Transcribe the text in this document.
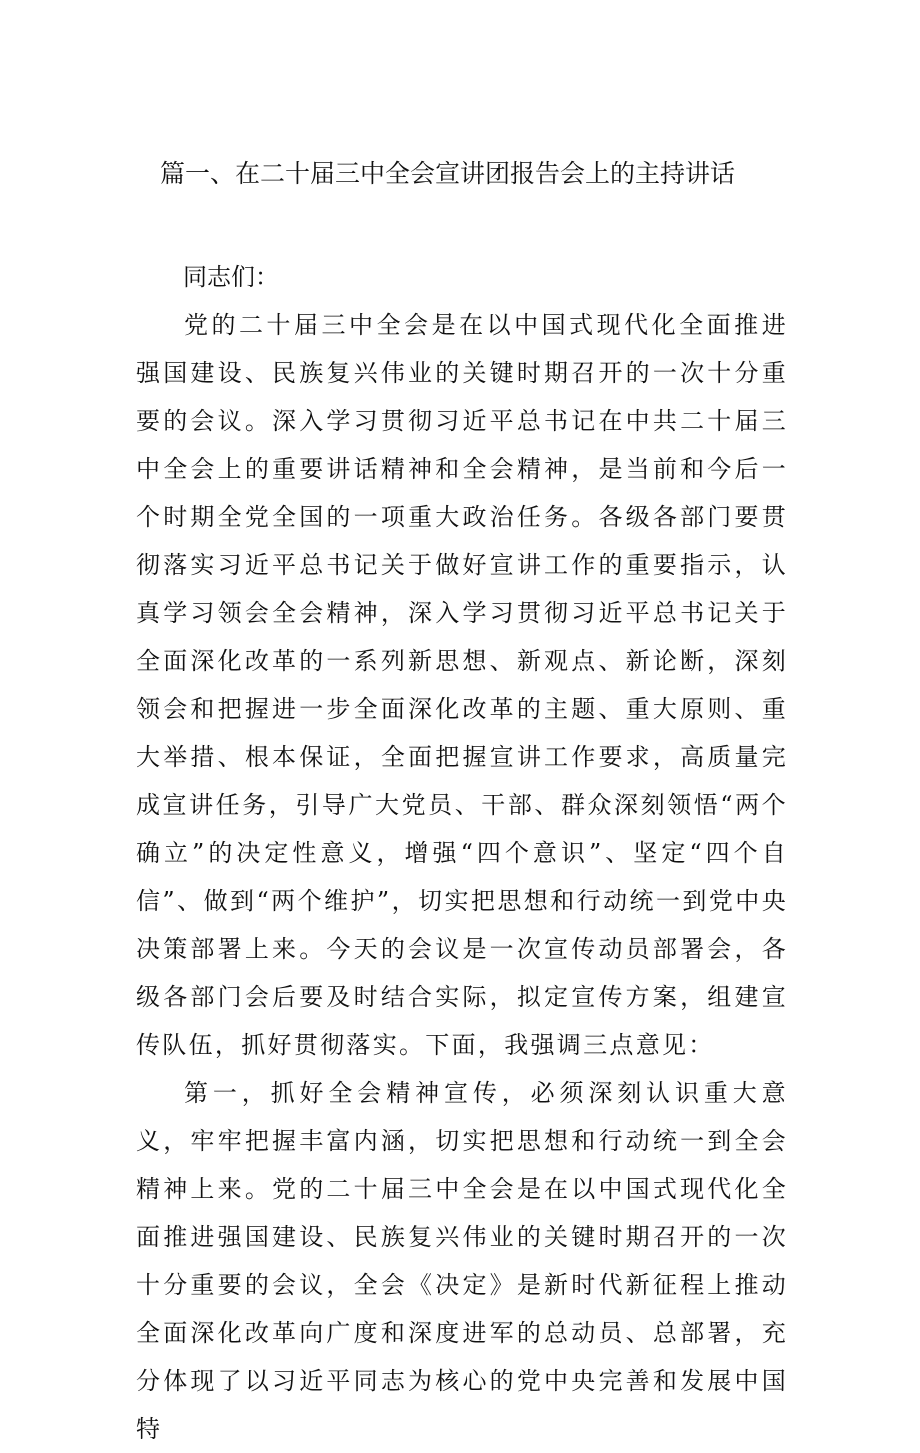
篇一、在二十届三中全会宣讲团报告会上的主持讲话
同志们：

党的二十届三中全会是在以中国式现代化全面推进强国建设、民族复兴伟业的关键时期召开的一次十分重要的会议。深入学习贯彻习近平总书记在中共二十届三中全会上的重要讲话精神和全会精神，是当前和今后一个时期全党全国的一项重大政治任务。各级各部门要贯彻落实习近平总书记关于做好宣讲工作的重要指示，认真学习领会全会精神，深入学习贯彻习近平总书记关于全面深化改革的一系列新思想、新观点、新论断，深刻领会和把握进一步全面深化改革的主题、重大原则、重大举措、根本保证，全面把握宣讲工作要求，高质量完成宣讲任务，引导广大党员、干部、群众深刻领悟“两个确立”的决定性意义，增强“四个意识”、坚定“四个自信”、做到“两个维护”，切实把思想和行动统一到党中央决策部署上来。今天的会议是一次宣传动员部署会，各级各部门会后要及时结合实际，拟定宣传方案，组建宣传队伍，抓好贯彻落实。下面，我强调三点意见：

第一，抓好全会精神宣传，必须深刻认识重大意义，牢牢把握丰富内涵，切实把思想和行动统一到全会精神上来。党的二十届三中全会是在以中国式现代化全面推进强国建设、民族复兴伟业的关键时期召开的一次十分重要的会议，全会《决定》是新时代新征程上推动全面深化改革向广度和深度进军的总动员、总部署，充分体现了以习近平同志为核心的党中央完善和发展中国特
